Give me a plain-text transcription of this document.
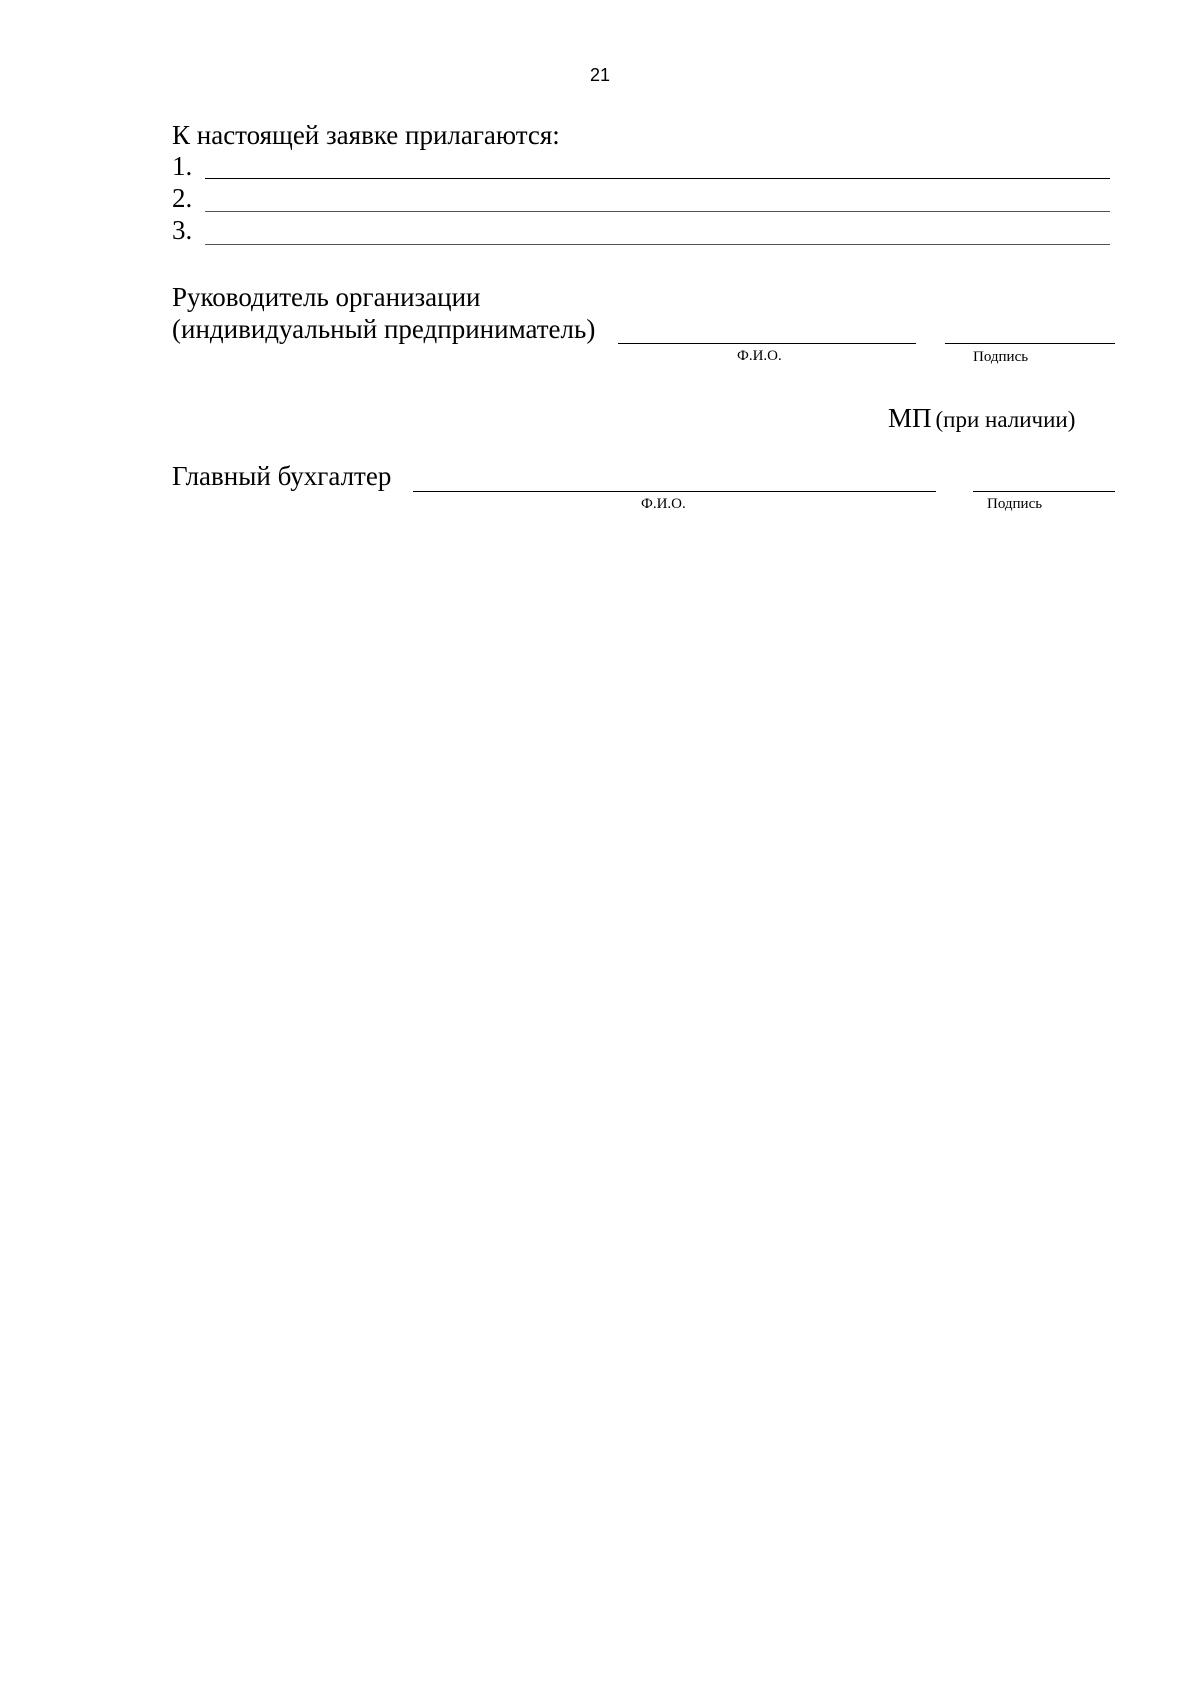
21
К настоящей заявке прилагаются:
1.
2.
3.
Руководитель организации
(индивидуальный предприниматель)
Ф.И.О.	Подпись
МП (при наличии)
Главный бухгалтер
Ф.И.О.	Подпись
